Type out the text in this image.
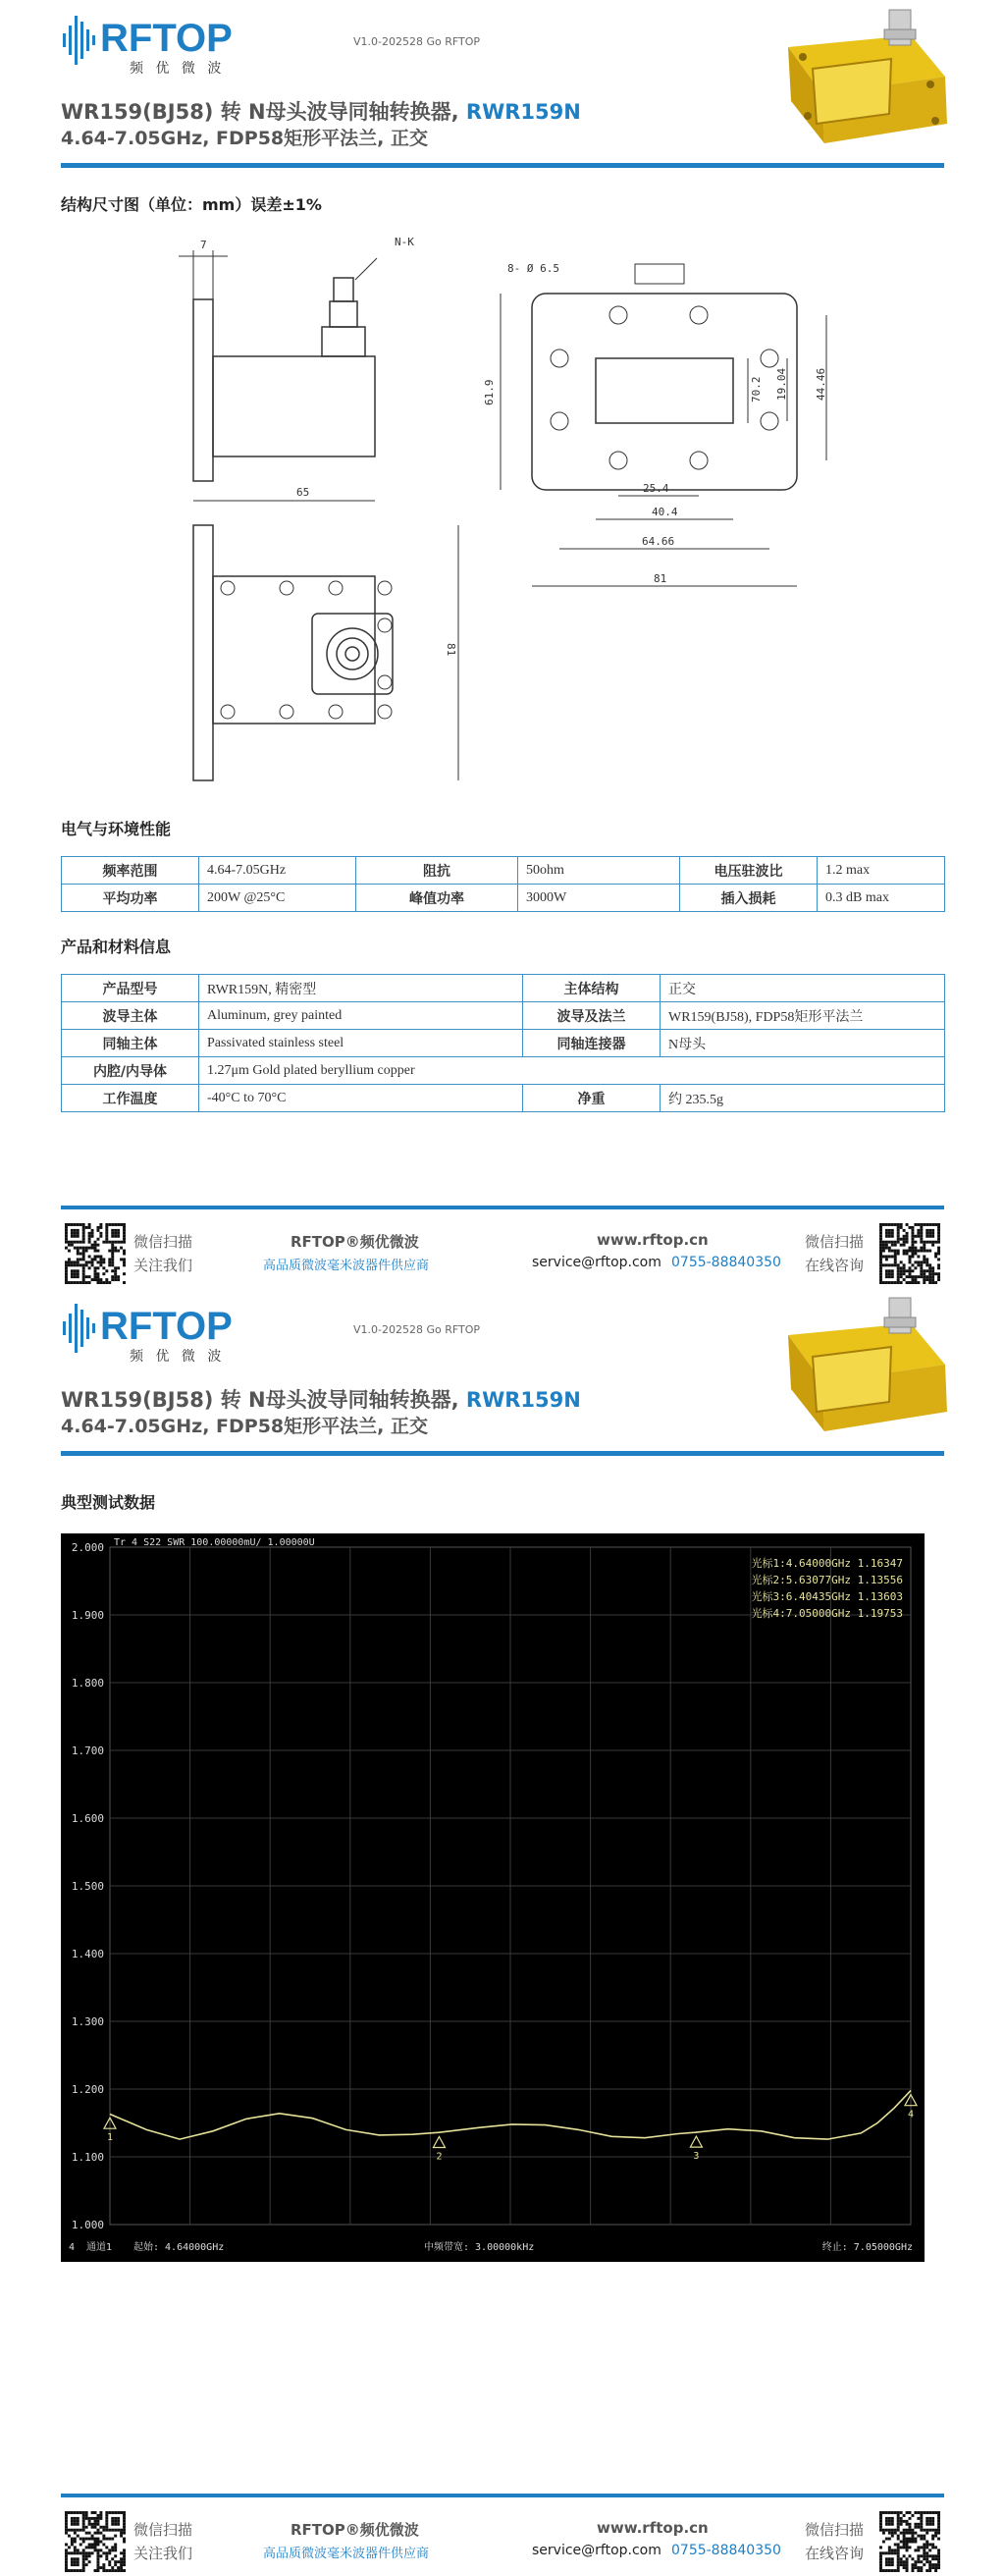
RFTOP
频 优 微 波
V1.0-202528 Go RFTOP
WR159(BJ58) 转 N母头波导同轴转换器, RWR159N
4.64-7.05GHz, FDP58矩形平法兰, 正交
结构尺寸图（单位：mm）误差±1%
N-K
7
65
8- Ø 6.5
61.9	70.2 19.04 44.46
25.4
40.4
64.66
81
81
电气与环境性能
频率范围	4.64-7.05GHz	阻抗	50ohm	电压驻波比	1.2 max
平均功率	200W @25°C	峰值功率	3000W	插入损耗	0.3 dB max
产品和材料信息
产品型号	RWR159N, 精密型	主体结构	正交
波导主体	Aluminum, grey painted	波导及法兰	WR159(BJ58), FDP58矩形平法兰
同轴主体	Passivated stainless steel	同轴连接器	N母头
内腔/内导体	1.27μm Gold plated beryllium copper		
工作温度	-40°C to 70°C	净重	约 235.5g
微信扫描
关注我们
RFTOP®频优微波
高品质微波毫米波器件供应商
www.rftop.cn
service@rftop.com 0755-88840350
微信扫描
在线咨询
RFTOP
频 优 微 波
V1.0-202528 Go RFTOP
WR159(BJ58) 转 N母头波导同轴转换器, RWR159N
4.64-7.05GHz, FDP58矩形平法兰, 正交
典型测试数据
微信扫描
关注我们
RFTOP®频优微波
高品质微波毫米波器件供应商
www.rftop.cn
service@rftop.com 0755-88840350
微信扫描
在线咨询
2.000
1.900
1.800
1.700
1.600
1.500
1.400
1.300
1.200
1.100
1.000
Tr 4 S22 SWR 100.00000mU/ 1.00000U
1
2	3
4
光标1:4.64000GHz 1.16347
光标2:5.63077GHz 1.13556
光标3:6.40435GHz 1.13603
光标4:7.05000GHz 1.19753
4 通道1 起始: 4.64000GHz	中频带宽: 3.00000kHz	终止: 7.05000GHz
